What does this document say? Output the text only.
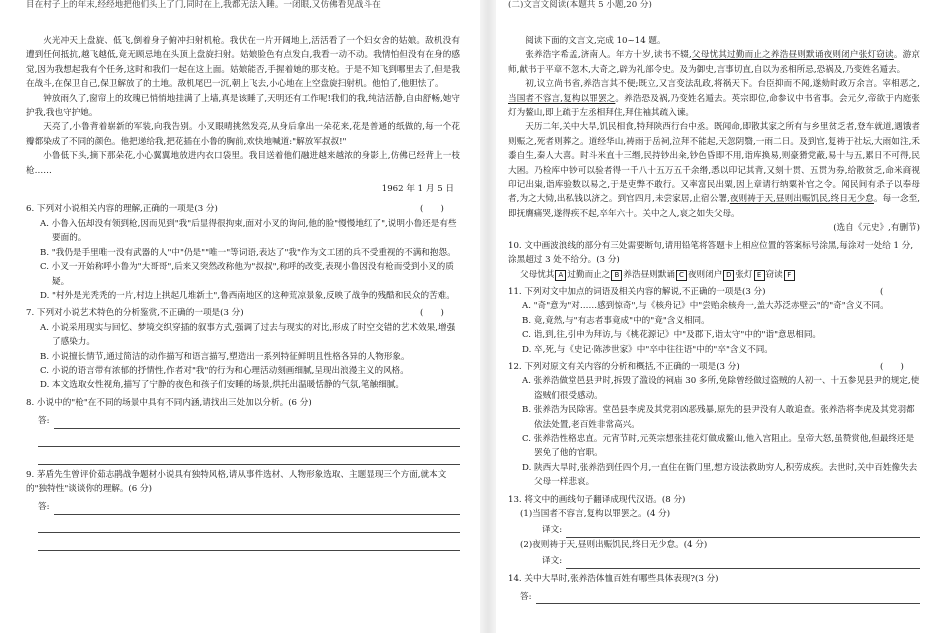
目在村子上的年末,经经地把他们头上了门,同时在上,我都无法入睡。一闭眼,又仿佛看见战斗在

火光冲天上盘旋、低飞,倒着身子俯冲扫射机枪。我伏在一片开阔地上,活活看了一个妇女舍的姑娘。敌机没有遭到任何抵抗,越飞越低,竟无顾忌地在头顶上盘旋扫射。姑娘脸色有点发白,我看一动不动。我情怕但没有在身的感觉,因为我想起我有个任务,这时和我们一起在这上面。姑娘能否,手握着她的那支枪。于是不知飞到哪里去了,但是我在战斗,在保卫自己,保卫解放了的土地。敌机尾巴一沉,朝上飞去,小心地在上空盘旋扫射机。他怕了,他胆怯了。

钟放雨久了,窗帘上的玫瑰已悄悄地挂满了上墙,真是该睡了,天明还有工作呢!我们的我,纯洁活静,自由舒畅,她守护我,我也守护她。

天亮了,小鲁背着崭新的军装,向我告别。小叉眼晴挑然发亮,从身后拿出一朵花来,花是普通的纸做的,每一个花瓣都染成了不同的颜色。他把递给我,把花插在小鲁的胸前,欢快地喊道:"解放军叔叔!"

小鲁低下头,摘下那朵花,小心翼翼地放进内衣口袋里。我目送着他们融进越来越浓的身影上,仿佛已经背上一枝枪……

1962 年 1 月 5 日
(　　)
6. 下列对小说相关内容的理解,正确的一项是(3 分)
A. 小鲁入伍却没有领到枪,因而见到"我"后显得很拘束,面对小叉的询问,他的脸"慢慢地红了",说明小鲁还是有些要面的。
B. "我仍是手里唯一没有武器的人"中"仍是""唯一"等词语,表达了"我"作为文工团的兵不受重视的不满和抱怨。
C. 小叉一开始称呼小鲁为"大哥哥",后来又突然改称他为"叔叔",称呼的改变,表现小鲁因没有枪而受到小叉的质疑。
D. "村外是光秃秃的一片,村边上拱起几堆新土",鲁西南地区的这种荒凉景象,反映了战争的残酷和民众的苦难。
(　　)
7. 下列对小说艺术特色的分析鉴赏,不正确的一项是(3 分)
A. 小说采用现实与回忆、梦境交织穿插的叙事方式,强调了过去与现实的对比,形成了时空交错的艺术效果,增强了感染力。
B. 小说擅长情节,通过简洁的动作描写和语言描写,塑造出一系列特征鲜明且性格各异的人物形象。
C. 小说的语言带有浓郁的抒情性,作者对"我"的行为和心理活动刻画细腻,呈现出浪漫主义的风格。
D. 本文选取女性视角,描写了宁静的夜色和孩子们安睡的场景,烘托出温暖恬静的气氛,笔触细腻。
8. 小说中的"枪"在不同的场景中具有不同内涵,请找出三处加以分析。(6 分)
答:
9. 茅盾先生曾评价茹志鹃战争题材小说具有独特风格,请从事件选材、人物形象选取、主题显现三个方面,就本文的"独特性"谈谈你的理解。(6 分)
答:
(二)文言文阅读(本题共 5 小题,20 分)

阅读下面的文言文,完成 10~14 题。

张养浩字希孟,济南人。年方十岁,读书不辍,父母忧其过勤而止之养浩昼则默诵夜则闭户张灯窃读。游京师,献书于平章不忽木,大奇之,辟为礼部令史。及为御史,言事切直,自以为丞相所忌,恐祸及,乃变姓名遁去。

初,议立尚书省,养浩言其不便;既立,又言变法乱政,将祸天下。台臣抑而不闻,遂劾时政万余言。宰相恶之,当国者不容言,复构以罪罢之。养浩恐及祸,乃变姓名遁去。英宗即位,命参议中书省事。会元夕,帝欲于内庭张灯为鳌山,即上疏于左丞相拜住,拜住袖其疏入谏。

天历二年,关中大旱,饥民相食,特拜陕西行台中丞。既闻命,即散其家之所有与乡里贫乏者,登车就道,遇饿者则赈之,死者则葬之。道经华山,祷雨于岳祠,泣拜不能起,天忽阴翳,一雨二日。及到官,复祷于社坛,大雨如注,禾黍自生,秦人大喜。时斗米直十三缗,民持钞出籴,钞色昏即不用,诣库换易,则豪猾党蔽,易十与五,累日不可得,民大困。乃检库中钞可以验者得一千八十五万五千余缗,悉以印记其背,又刻十贯、五贯为券,给散贫乏,命米商视印记出粜,诣库验数以易之,于是吏弊不敢行。又率富民出粟,因上章请行纳粟补官之令。闻民间有杀子以奉母者,为之大恸,出私钱以济之。到官四月,未尝家居,止宿公署,夜则祷于天,昼则出赈饥民,终日无少怠。每一念至,即抚膺痛哭,遂得疾不起,卒年六十。关中之人,哀之如失父母。

(选自《元史》,有删节)
10. 文中画波浪线的部分有三处需要断句,请用铅笔将答题卡上相应位置的答案标号涂黑,每涂对一处给 1 分,涂黑超过 3 处不给分。(3 分)
父母忧其 A 过勤而止之 B 养浩昼则默诵 C 夜则闭户 D 张灯 E 窃读 F
(
11. 下列对文中加点的词语及相关内容的解说,不正确的一项是(3 分)
A. "奇"意为"对……感到惊奇",与《核舟记》中"尝贻余核舟一,盖大苏泛赤壁云"的"奇"含义不同。
B. 竟,竟然,与"有志者事竟成"中的"竟"含义相同。
C. 诣,到,往,引申为拜访,与《桃花源记》中"及郡下,诣太守"中的"诣"意思相同。
D. 卒,死,与《史记·陈涉世家》中"卒中往往语"中的"卒"含义不同。
(　　)
12. 下列对原文有关内容的分析和概括,不正确的一项是(3 分)
A. 张养浩做堂邑县尹时,拆毁了滥设的祠庙 30 多所,免除曾经做过盗贼的人初一、十五参见县尹的规定,使盗贼们很受感动。
B. 张养浩为民除害。堂邑县李虎及其党羽凶恶残暴,原先的县尹没有人敢追查。张养浩将李虎及其党羽都依法处置,老百姓非常高兴。
C. 张养浩性格忠直。元宵节时,元英宗想张挂花灯做成鳌山,他入宫阻止。皇帝大怒,虽赞赏他,但最终还是罢免了他的官职。
D. 陕西大旱时,张养浩到任四个月,一直住在衙门里,想方设法救助穷人,积劳成疾。去世时,关中百姓像失去父母一样悲哀。
13. 将文中的画线句子翻译成现代汉语。(8 分)
(1)当国者不容言,复构以罪罢之。(4 分)
译文:
(2)夜则祷于天,昼则出赈饥民,终日无少怠。(4 分)
译文:
14. 关中大旱时,张养浩体恤百姓有哪些具体表现?(3 分)
答:
